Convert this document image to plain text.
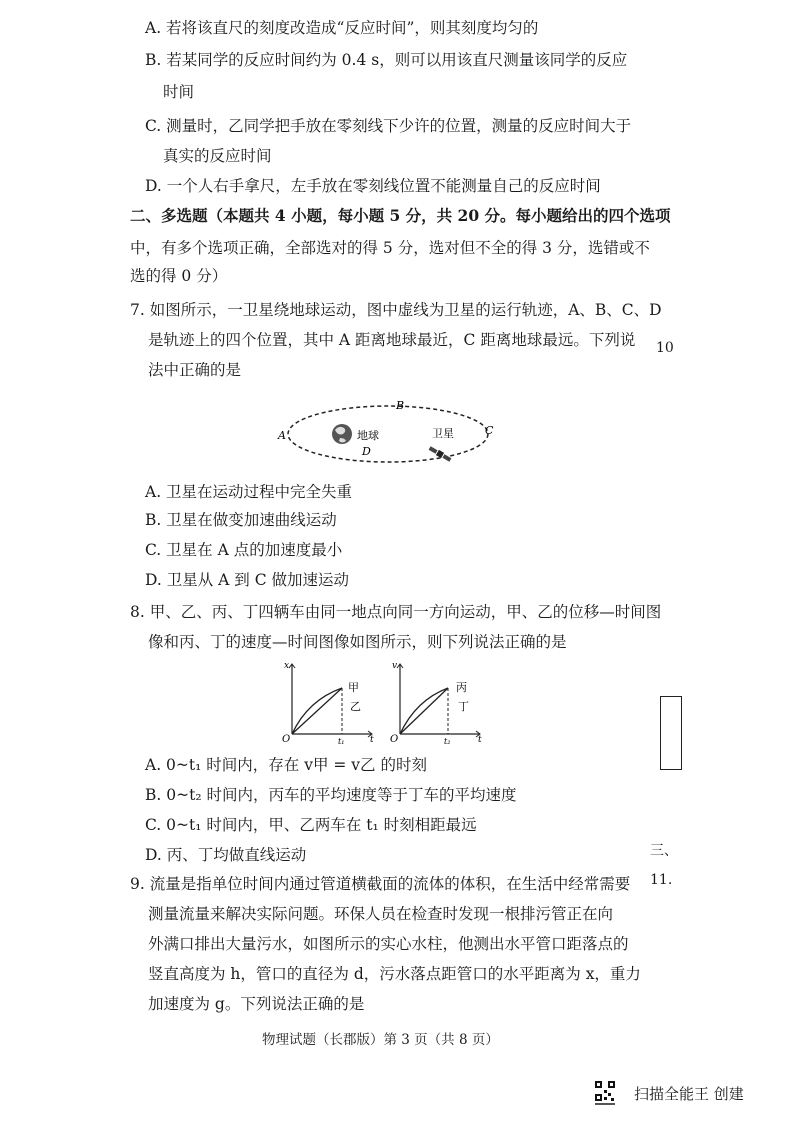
A. 若将该直尺的刻度改造成“反应时间”，则其刻度均匀的
B. 若某同学的反应时间约为 0.4 s，则可以用该直尺测量该同学的反应
时间
C. 测量时，乙同学把手放在零刻线下少许的位置，测量的反应时间大于
真实的反应时间
D. 一个人右手拿尺，左手放在零刻线位置不能测量自己的反应时间
二、多选题（本题共 4 小题，每小题 5 分，共 20 分。每小题给出的四个选项
中，有多个选项正确，全部选对的得 5 分，选对但不全的得 3 分，选错或不
选的得 0 分）
7. 如图所示，一卫星绕地球运动，图中虚线为卫星的运行轨迹，A、B、C、D
是轨迹上的四个位置，其中 A 距离地球最近，C 距离地球最远。下列说
法中正确的是
地球
A
B
C
D
卫星
A. 卫星在运动过程中完全失重
B. 卫星在做变加速曲线运动
C. 卫星在 A 点的加速度最小
D. 卫星从 A 到 C 做加速运动
8. 甲、乙、丙、丁四辆车由同一地点向同一方向运动，甲、乙的位移—时间图
像和丙、丁的速度—时间图像如图所示，则下列说法正确的是
x
t
O	t₁
甲
乙
v
t
O	t₂
丙
丁
A. 0~t₁ 时间内，存在 v甲 = v乙 的时刻
B. 0~t₂ 时间内，丙车的平均速度等于丁车的平均速度
C. 0~t₁ 时间内，甲、乙两车在 t₁ 时刻相距最远
D. 丙、丁均做直线运动
9. 流量是指单位时间内通过管道横截面的流体的体积，在生活中经常需要
测量流量来解决实际问题。环保人员在检查时发现一根排污管正在向
外满口排出大量污水，如图所示的实心水柱，他测出水平管口距落点的
竖直高度为 h，管口的直径为 d，污水落点距管口的水平距离为 x，重力
加速度为 g。下列说法正确的是
物理试题（长郡版）第 3 页（共 8 页）
10
三、
11.
扫描全能王 创建
